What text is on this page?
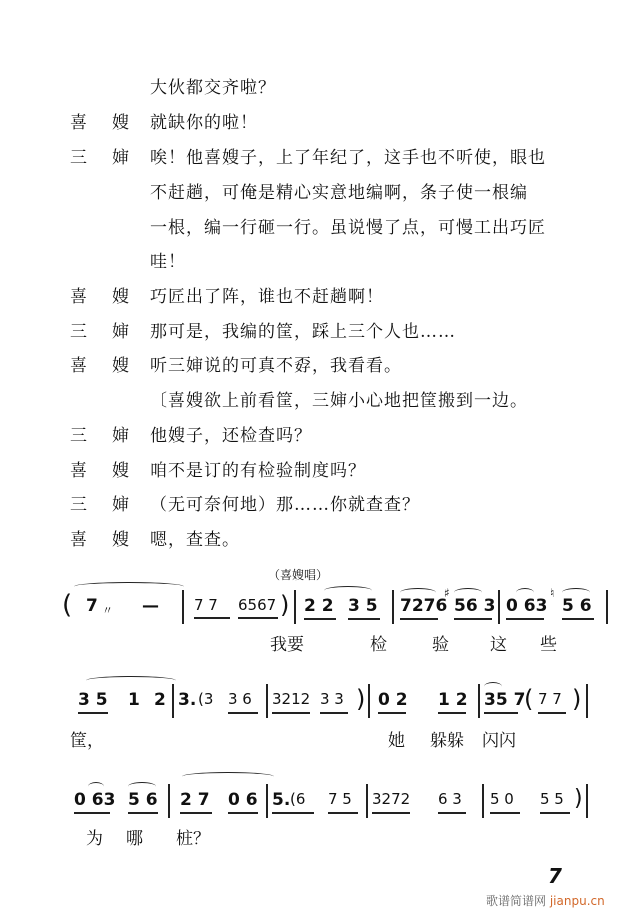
大伙都交齐啦？
喜 嫂 就缺你的啦！
三 婶 唉！他喜嫂子，上了年纪了，这手也不听使，眼也
不赶趟，可俺是精心实意地编啊，条子使一根编
一根，编一行砸一行。虽说慢了点，可慢工出巧匠
哇！
喜 嫂 巧匠出了阵，谁也不赶趟啊！
三 婶 那可是，我编的筐，踩上三个人也……
喜 嫂 听三婶说的可真不孬，我看看。
〔喜嫂欲上前看筐，三婶小心地把筐搬到一边。
三 婶 他嫂子，还检查吗？
喜 嫂 咱不是订的有检验制度吗？
三 婶 （无可奈何地）那……你就查查？
喜 嫂 嗯，查查。
（喜嫂唱）
( 7 〃 — 7 7 6567 ) 2 2 3 5 7276
♯
56 3 0 63
♮
5 6
我要	检	验 这 些
3 5 1 2 3. (3 3 6 3212 3 3 ) 0 2 1 2 35 7
( 7 7 )
筐，	她 躲躲 闪闪
0 63 5 6 2 7 0 6 5. (6 7 5 3272 6 3 5 0 5 5 )
为 哪 桩？
7
歌谱简谱网 jianpu.cn
